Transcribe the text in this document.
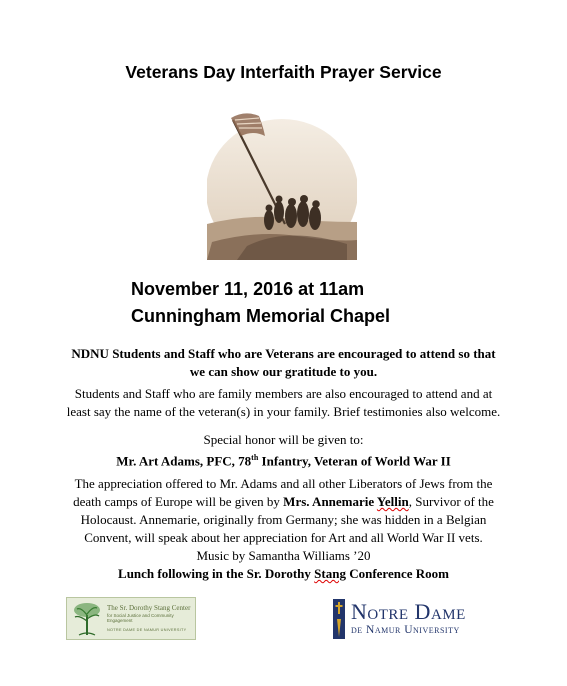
Veterans Day Interfaith Prayer Service
November 11, 2016 at 11am
Cunningham Memorial Chapel
NDNU Students and Staff who are Veterans are encouraged to attend so that
we can show our gratitude to you.
Students and Staff who are family members are also encouraged to attend and at
least say the name of the veteran(s) in your family. Brief testimonies also welcome.
Special honor will be given to:
Mr. Art Adams, PFC, 78th Infantry, Veteran of World War II
The appreciation offered to Mr. Adams and all other Liberators of Jews from the
death camps of Europe will be given by Mrs. Annemarie Yellin, Survivor of the
Holocaust. Annemarie, originally from Germany; she was hidden in a Belgian
Convent, will speak about her appreciation for Art and all World War II vets.
Music by Samantha Williams ’20
Lunch following in the Sr. Dorothy Stang Conference Room
The Sr. Dorothy Stang Center
for Social Justice and Community Engagement
NOTRE DAME DE NAMUR UNIVERSITY
Notre Dame
de Namur University
